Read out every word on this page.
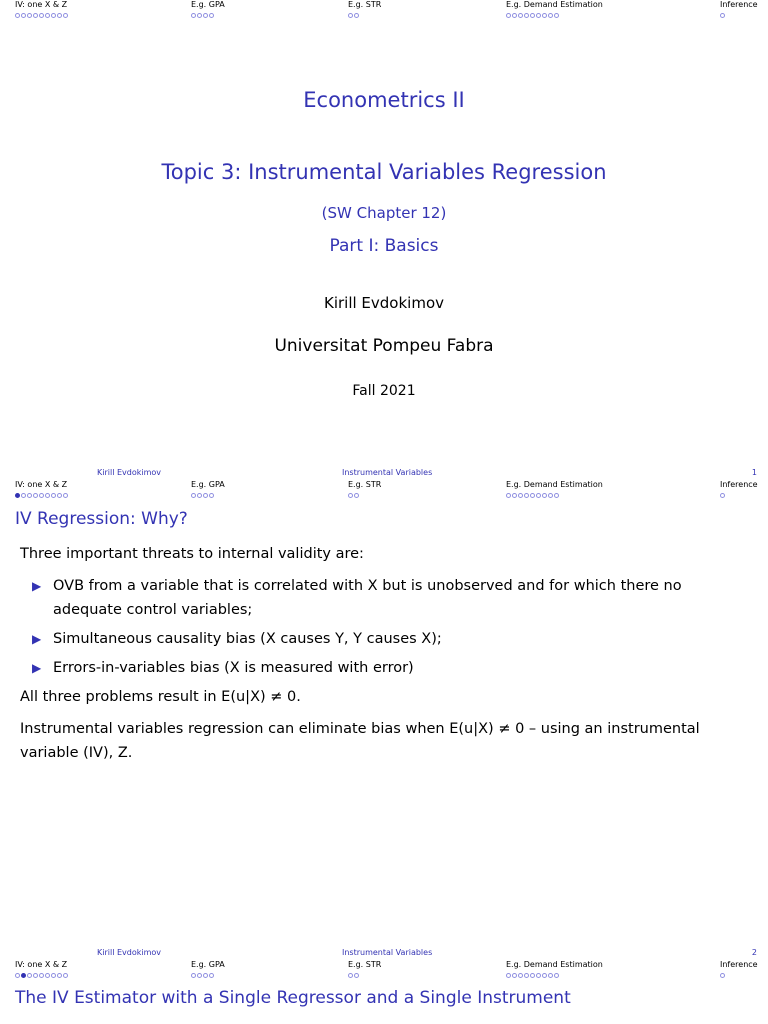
IV: one X & Z	E.g. GPA	E.g. STR	E.g. Demand Estimation	Inference
Econometrics II
Topic 3: Instrumental Variables Regression
(SW Chapter 12)
Part I: Basics
Kirill Evdokimov
Universitat Pompeu Fabra
Fall 2021
Kirill Evdokimov	Instrumental Variables	1
IV: one X & Z	E.g. GPA	E.g. STR	E.g. Demand Estimation	Inference
IV Regression: Why?

Three important threats to internal validity are:

▶ OVB from a variable that is correlated with X but is unobserved and for which there no adequate control variables;
▶ Simultaneous causality bias (X causes Y, Y causes X);
▶ Errors-in-variables bias (X is measured with error)

All three problems result in E(u|X) ≠ 0.

Instrumental variables regression can eliminate bias when E(u|X) ≠ 0 – using an instrumental variable (IV), Z.

Kirill Evdokimov	Instrumental Variables	2
IV: one X & Z	E.g. GPA	E.g. STR	E.g. Demand Estimation	Inference
The IV Estimator with a Single Regressor and a Single Instrument
